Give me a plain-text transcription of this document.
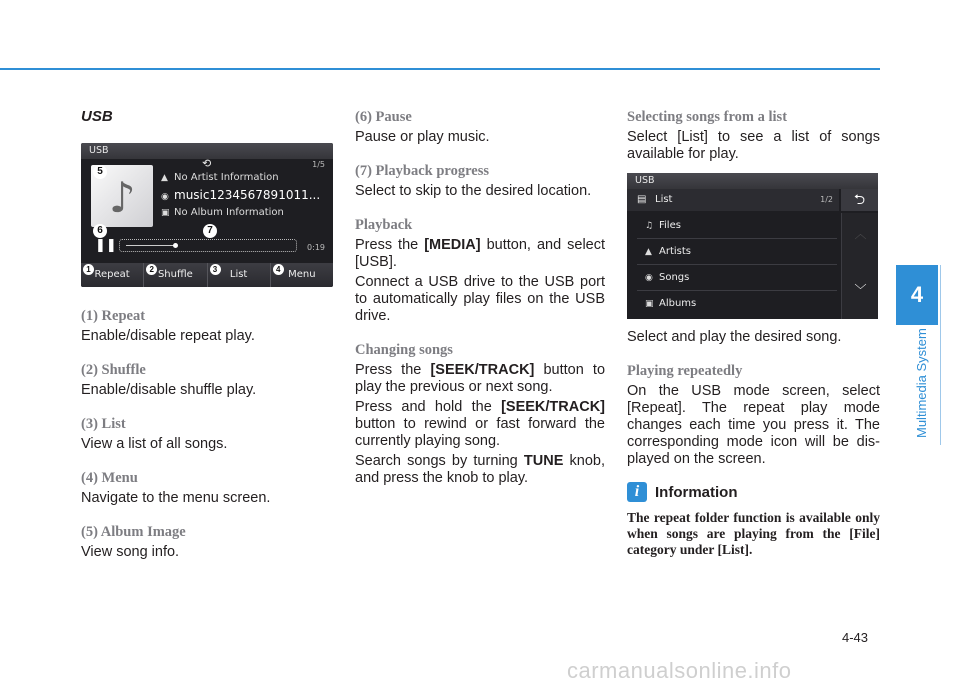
USB
USB
⟲	1/5
♪
5
▲ No Artist Information
◉ music1234567891011...
▣ No Album Information
6	7
❚❚	0:19
1 Repeat	2 Shuffle	3	List	4 Menu
(1) Repeat
Enable/disable repeat play.
(2) Shuffle
Enable/disable shuffle play.
(3) List
View a list of all songs.
(4) Menu
Navigate to the menu screen.
(5) Album Image
View song info.
(6) Pause
Pause or play music.
(7) Playback progress
Select to skip to the desired location.
Playback
Press the [MEDIA] button, and select [USB].
Connect a USB drive to the USB port to automatically play files on the USB drive.
Changing songs
Press the [SEEK/TRACK] button to play the previous or next song.
Press and hold the [SEEK/TRACK] button to rewind or fast forward the currently playing song.
Search songs by turning TUNE knob, and press the knob to play.
Selecting songs from a list
Select [List] to see a list of songs available for play.
USB
▤ List	1/2	⮌
♫ Files
▲ Artists
◉ Songs
▣ Albums
︿
﹀
Select and play the desired song.
Playing repeatedly
On the USB mode screen, select [Repeat]. The repeat play mode changes each time you press it. The corresponding mode icon will be dis-played on the screen.
i	Information
The repeat folder function is available only when songs are playing from the [File] category under [List].
4
Multimedia System
4-43
carmanualsonline.info
